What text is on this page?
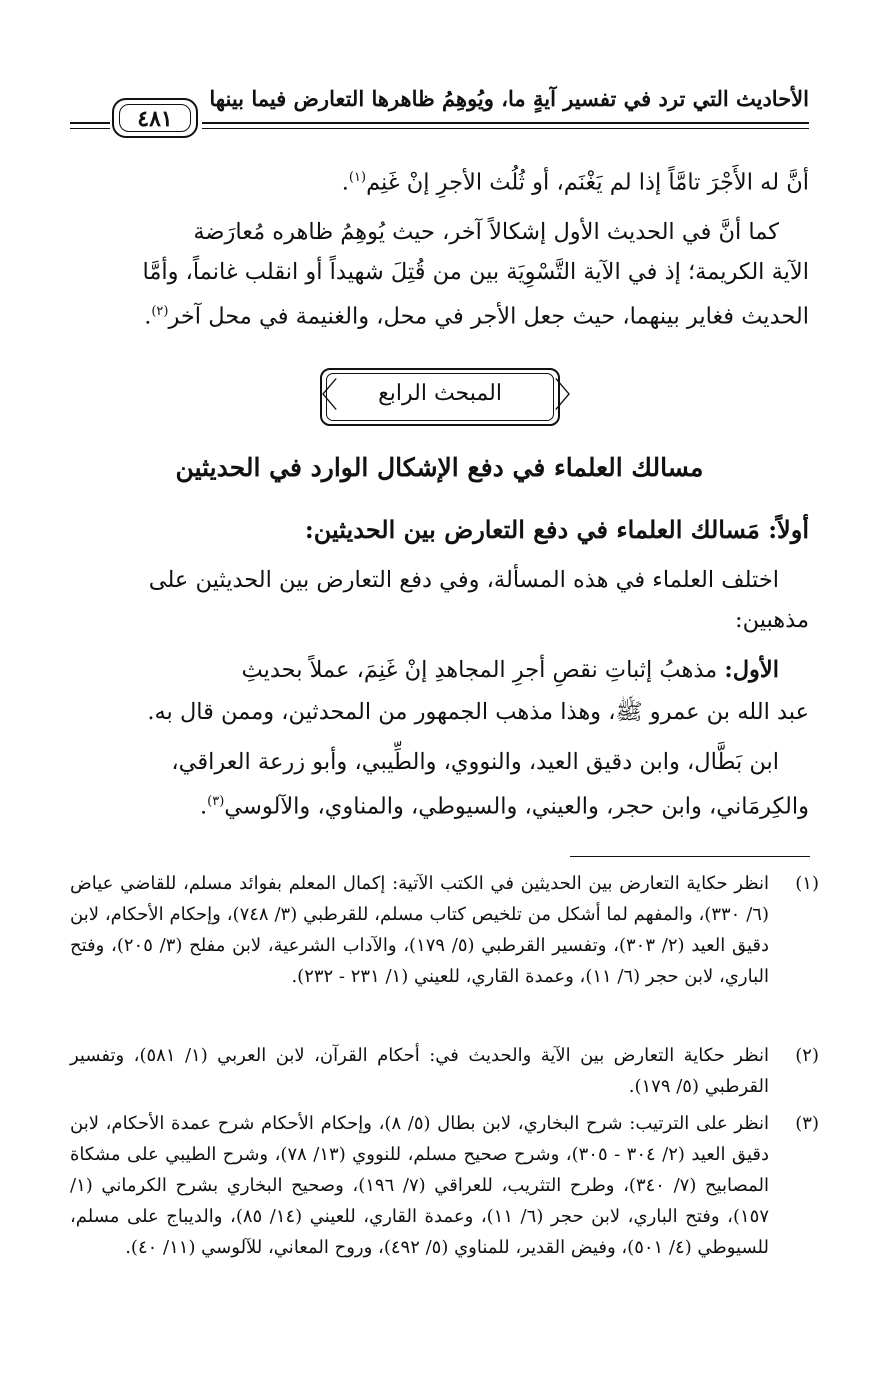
الأحاديث التي ترد في تفسير آيةٍ ما، ويُوهِمُ ظاهرها التعارض فيما بينها
٤٨١
أنَّ له الأَجْرَ تامَّاً إذا لم يَغْنَم، أو ثُلُث الأجرِ إنْ غَنِم$^{(١)}$.
كما أنَّ في الحديث الأول إشكالاً آخر، حيث يُوهِمُ ظاهره مُعارَضة
الآية الكريمة؛ إذ في الآية التَّسْوِيَة بين من قُتِلَ شهيداً أو انقلب غانماً، وأمَّا
الحديث فغاير بينهما، حيث جعل الأجر في محل، والغنيمة في محل آخر$^{(٢)}$.
〈	〉
المبحث الرابع
مسالك العلماء في دفع الإشكال الوارد في الحديثين
أولاً: مَسالك العلماء في دفع التعارض بين الحديثين:
اختلف العلماء في هذه المسألة، وفي دفع التعارض بين الحديثين على
مذهبين:
الأول: مذهبُ إثباتِ نقصِ أجرِ المجاهدِ إنْ غَنِمَ، عملاً بحديثِ
عبد الله بن عمرو ﷺ، وهذا مذهب الجمهور من المحدثين، وممن قال به.
ابن بَطَّال، وابن دقيق العيد، والنووي، والطِّيبي، وأبو زرعة العراقي،
والكِرمَاني، وابن حجر، والعيني، والسيوطي، والمناوي، والآلوسي$^{(٣)}$.
(١)
انظر حكاية التعارض بين الحديثين في الكتب الآتية: إكمال المعلم بفوائد مسلم، للقاضي عياض (٦/ ٣٣٠)، والمفهم لما أشكل من تلخيص كتاب مسلم، للقرطبي (٣/ ٧٤٨)، وإحكام الأحكام، لابن دقيق العيد (٢/ ٣٠٣)، وتفسير القرطبي (٥/ ١٧٩)، والآداب الشرعية، لابن مفلح (٣/ ٢٠٥)، وفتح الباري، لابن حجر (٦/ ١١)، وعمدة القاري، للعيني (١/ ٢٣١ - ٢٣٢).
(٢)
انظر حكاية التعارض بين الآية والحديث في: أحكام القرآن، لابن العربي (١/ ٥٨١)، وتفسير القرطبي (٥/ ١٧٩).
(٣)
انظر على الترتيب: شرح البخاري، لابن بطال (٥/ ٨)، وإحكام الأحكام شرح عمدة الأحكام، لابن دقيق العيد (٢/ ٣٠٤ - ٣٠٥)، وشرح صحيح مسلم، للنووي (١٣/ ٧٨)، وشرح الطيبي على مشكاة المصابيح (٧/ ٣٤٠)، وطرح التثريب، للعراقي (٧/ ١٩٦)، وصحيح البخاري بشرح الكرماني (١/ ١٥٧)، وفتح الباري، لابن حجر (٦/ ١١)، وعمدة القاري، للعيني (١٤/ ٨٥)، والديباج على مسلم، للسيوطي (٤/ ٥٠١)، وفيض القدير، للمناوي (٥/ ٤٩٢)، وروح المعاني، للآلوسي (١١/ ٤٠).
